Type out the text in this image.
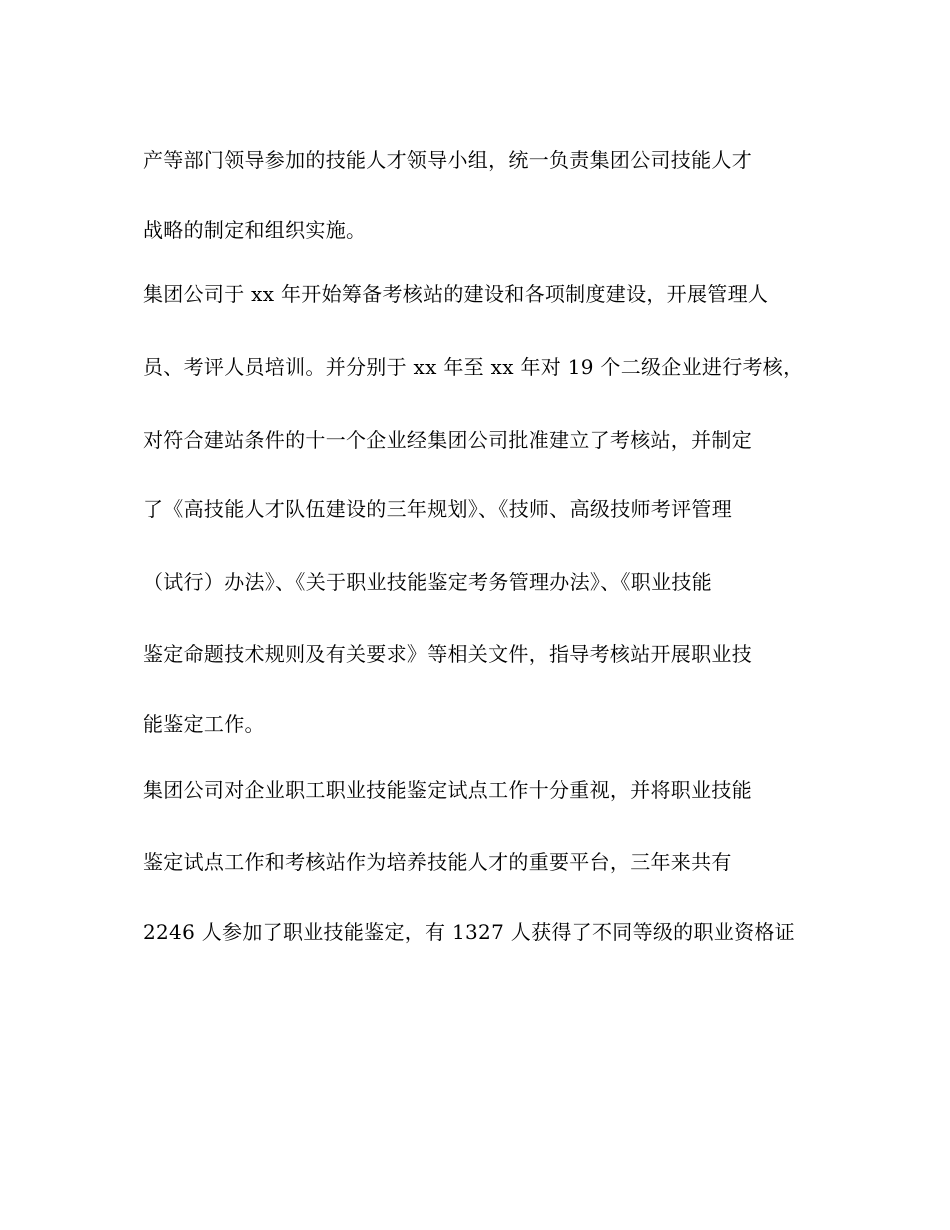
产等部门领导参加的技能人才领导小组，统一负责集团公司技能人才
战略的制定和组织实施。
集团公司于 xx 年开始筹备考核站的建设和各项制度建设，开展管理人
员、考评人员培训。并分别于 xx 年至 xx 年对 19 个二级企业进行考核，
对符合建站条件的十一个企业经集团公司批准建立了考核站，并制定
了《高技能人才队伍建设的三年规划》、《技师、高级技师考评管理
（试行）办法》、《关于职业技能鉴定考务管理办法》、《职业技能
鉴定命题技术规则及有关要求》等相关文件，指导考核站开展职业技
能鉴定工作。
集团公司对企业职工职业技能鉴定试点工作十分重视，并将职业技能
鉴定试点工作和考核站作为培养技能人才的重要平台，三年来共有
2246 人参加了职业技能鉴定，有 1327 人获得了不同等级的职业资格证
